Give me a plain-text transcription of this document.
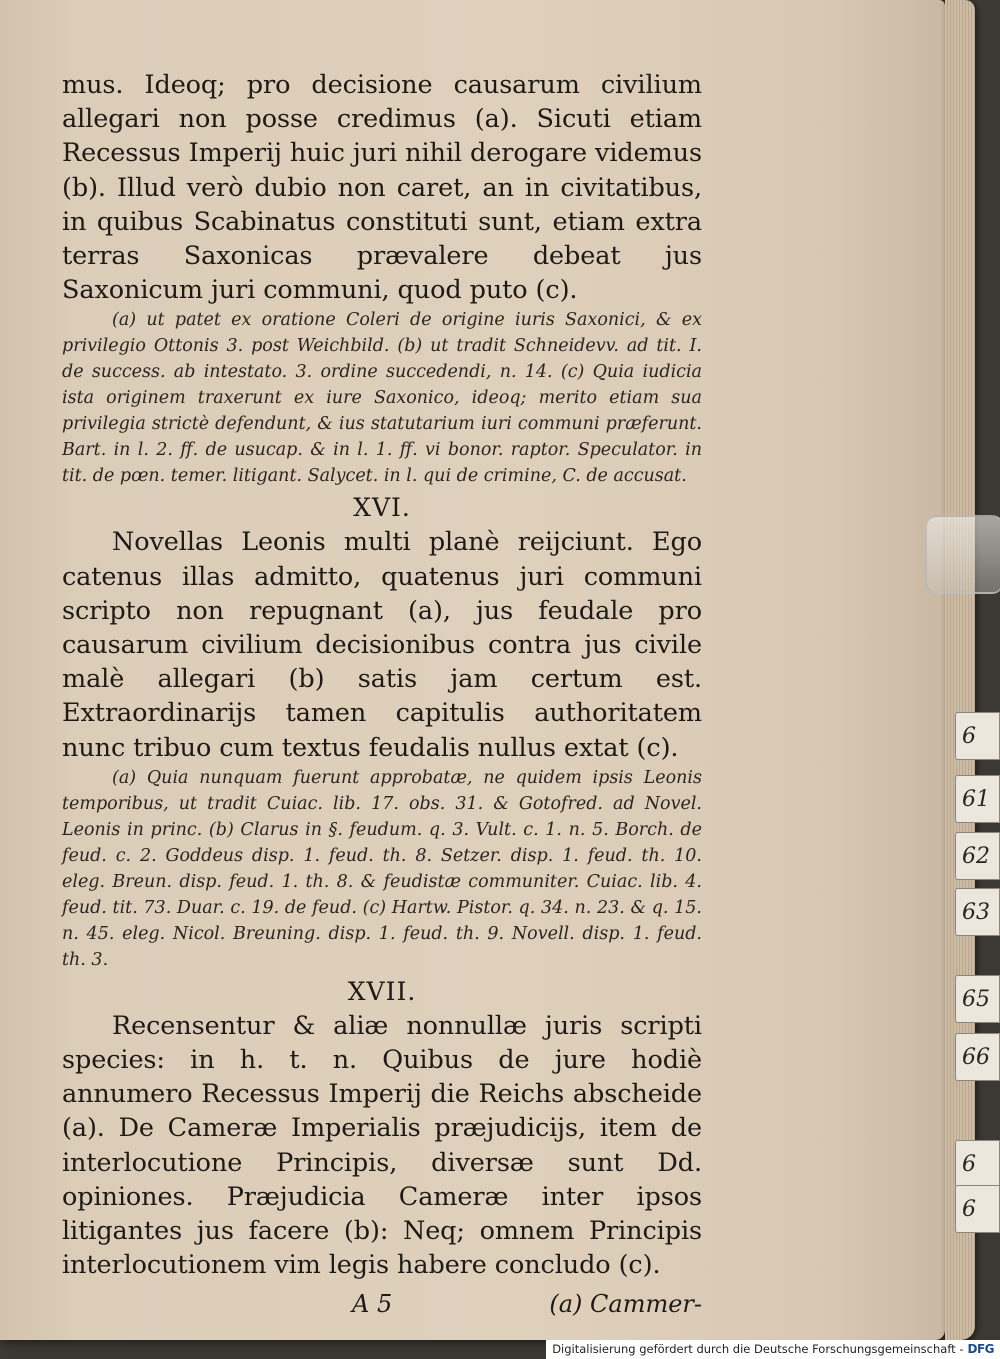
6
61
62
63
65
66
6
6

mus. Ideoq; pro decisione causarum civilium allegari non posse credimus (a). Sicuti etiam Recessus Imperij huic juri nihil derogare videmus (b). Illud verò dubio non caret, an in civitatibus, in quibus Scabinatus constituti sunt, etiam extra terras Saxonicas prævalere debeat jus Saxonicum juri communi, quod puto (c).

(a) ut patet ex oratione Coleri de origine iuris Saxonici, & ex privilegio Ottonis 3. post Weichbild. (b) ut tradit Schneidevv. ad tit. I. de success. ab intestato. 3. ordine succedendi, n. 14. (c) Quia iudicia ista originem traxerunt ex iure Saxonico, ideoq; merito etiam sua privilegia strictè defendunt, & ius statutarium iuri communi præferunt. Bart. in l. 2. ff. de usucap. & in l. 1. ff. vi bonor. raptor. Speculator. in tit. de pœn. temer. litigant. Salycet. in l. qui de crimine, C. de accusat.

XVI.

Novellas Leonis multi planè reijciunt. Ego catenus illas admitto, quatenus juri communi scripto non repugnant (a), jus feudale pro causarum civilium decisionibus contra jus civile malè allegari (b) satis jam certum est. Extraordinarijs tamen capitulis authoritatem nunc tribuo cum textus feudalis nullus extat (c).

(a) Quia nunquam fuerunt approbatæ, ne quidem ipsis Leonis temporibus, ut tradit Cuiac. lib. 17. obs. 31. & Gotofred. ad Novel. Leonis in princ. (b) Clarus in §. feudum. q. 3. Vult. c. 1. n. 5. Borch. de feud. c. 2. Goddeus disp. 1. feud. th. 8. Setzer. disp. 1. feud. th. 10. eleg. Breun. disp. feud. 1. th. 8. & feudistæ communiter. Cuiac. lib. 4. feud. tit. 73. Duar. c. 19. de feud. (c) Hartw. Pistor. q. 34. n. 23. & q. 15. n. 45. eleg. Nicol. Breuning. disp. 1. feud. th. 9. Novell. disp. 1. feud. th. 3.

XVII.

Recensentur & aliæ nonnullæ juris scripti species: in h. t. n. Quibus de jure hodiè annumero Recessus Imperij die Reichs abscheide (a). De Cameræ Imperialis præjudicijs, item de interlocutione Principis, diversæ sunt Dd. opiniones. Præjudicia Cameræ inter ipsos litigantes jus facere (b): Neq; omnem Principis interlocutionem vim legis habere concludo (c).

A 5	(a) Cammer-
Digitalisierung gefördert durch die Deutsche Forschungsgemeinschaft - DFG
